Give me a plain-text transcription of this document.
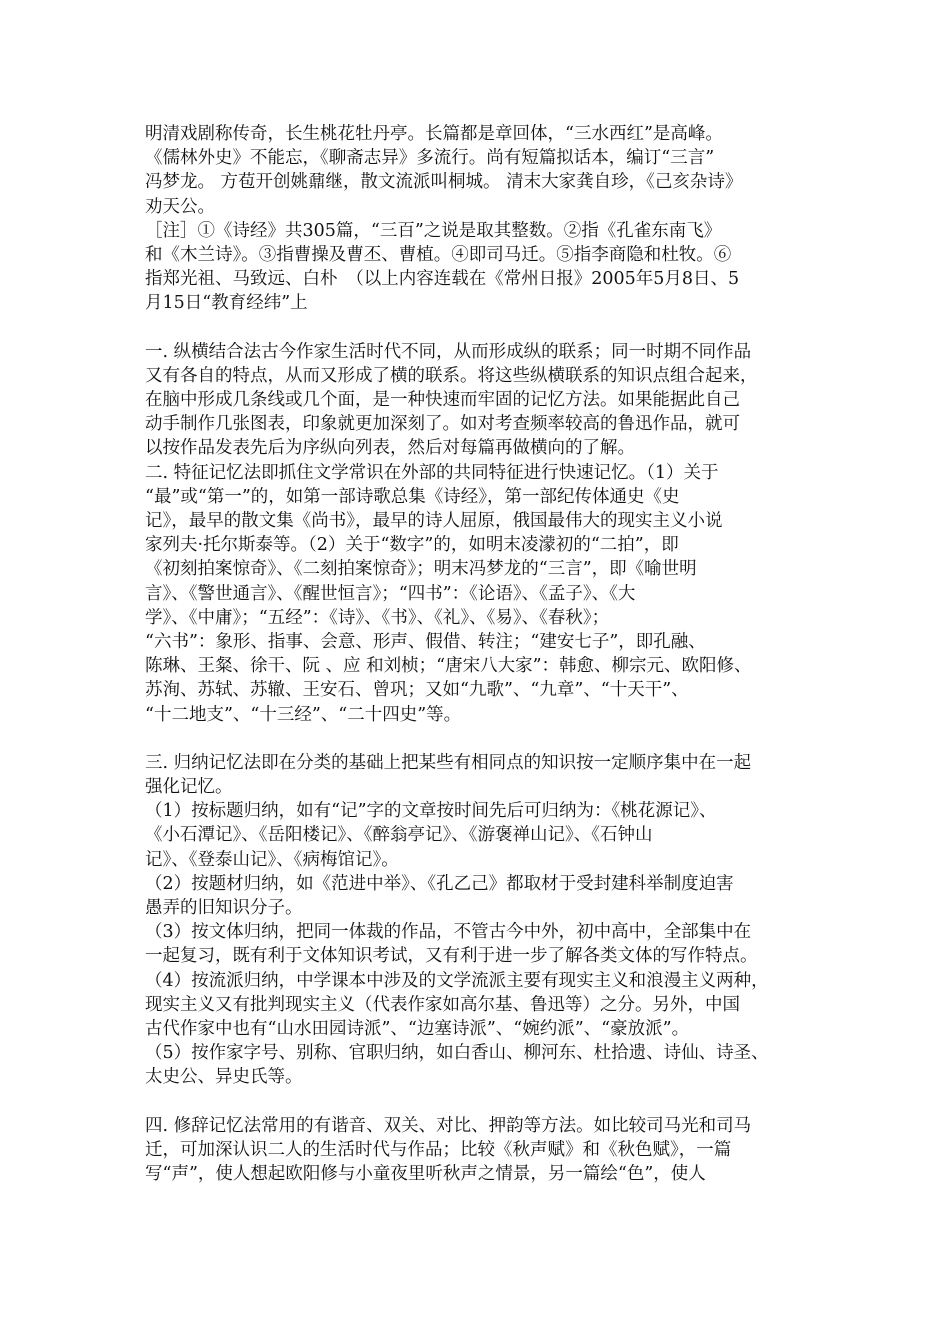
明清戏剧称传奇，长生桃花牡丹亭。长篇都是章回体，“三水西红”是高峰。
《儒林外史》不能忘，《聊斋志异》多流行。尚有短篇拟话本，编订“三言”
冯梦龙。 方苞开创姚鼐继，散文流派叫桐城。 清末大家龚自珍，《己亥杂诗》
劝天公。
［注］①《诗经》共305篇，“三百”之说是取其整数。②指《孔雀东南飞》
和《木兰诗》。③指曹操及曹丕、曹植。④即司马迁。⑤指李商隐和杜牧。⑥
指郑光祖、马致远、白朴　（以上内容连载在《常州日报》2005年5月8日、5
月15日“教育经纬”上
一. 纵横结合法古今作家生活时代不同，从而形成纵的联系；同一时期不同作品
又有各自的特点，从而又形成了横的联系。将这些纵横联系的知识点组合起来，
在脑中形成几条线或几个面，是一种快速而牢固的记忆方法。如果能据此自己
动手制作几张图表，印象就更加深刻了。如对考查频率较高的鲁迅作品，就可
以按作品发表先后为序纵向列表，然后对每篇再做横向的了解。
二. 特征记忆法即抓住文学常识在外部的共同特征进行快速记忆。（1）关于
“最”或“第一”的，如第一部诗歌总集《诗经》，第一部纪传体通史《史
记》，最早的散文集《尚书》，最早的诗人屈原，俄国最伟大的现实主义小说
家列夫·托尔斯泰等。（2）关于“数字”的，如明末凌濛初的“二拍”，即
《初刻拍案惊奇》、《二刻拍案惊奇》；明末冯梦龙的“三言”，即《喻世明
言》、《警世通言》、《醒世恒言》；“四书”：《论语》、《孟子》、《大
学》、《中庸》；“五经”：《诗》、《书》、《礼》、《易》、《春秋》；
“六书”：象形、指事、会意、形声、假借、转注；“建安七子”，即孔融、
陈琳、王粲、徐干、阮 、应 和刘桢；“唐宋八大家”：韩愈、柳宗元、欧阳修、
苏洵、苏轼、苏辙、王安石、曾巩；又如“九歌”、“九章”、“十天干”、
“十二地支”、“十三经”、“二十四史”等。
三. 归纳记忆法即在分类的基础上把某些有相同点的知识按一定顺序集中在一起
强化记忆。
（1）按标题归纳，如有“记”字的文章按时间先后可归纳为：《桃花源记》、
《小石潭记》、《岳阳楼记》、《醉翁亭记》、《游褒禅山记》、《石钟山
记》、《登泰山记》、《病梅馆记》。
（2）按题材归纳，如《范进中举》、《孔乙己》都取材于受封建科举制度迫害
愚弄的旧知识分子。
（3）按文体归纳，把同一体裁的作品，不管古今中外，初中高中，全部集中在
一起复习，既有利于文体知识考试，又有利于进一步了解各类文体的写作特点。
（4）按流派归纳，中学课本中涉及的文学流派主要有现实主义和浪漫主义两种，
现实主义又有批判现实主义（代表作家如高尔基、鲁迅等）之分。另外，中国
古代作家中也有“山水田园诗派”、“边塞诗派”、“婉约派”、“豪放派”。
（5）按作家字号、别称、官职归纳，如白香山、柳河东、杜拾遗、诗仙、诗圣、
太史公、异史氏等。
四. 修辞记忆法常用的有谐音、双关、对比、押韵等方法。如比较司马光和司马
迁，可加深认识二人的生活时代与作品；比较《秋声赋》和《秋色赋》，一篇
写“声”，使人想起欧阳修与小童夜里听秋声之情景，另一篇绘“色”，使人
